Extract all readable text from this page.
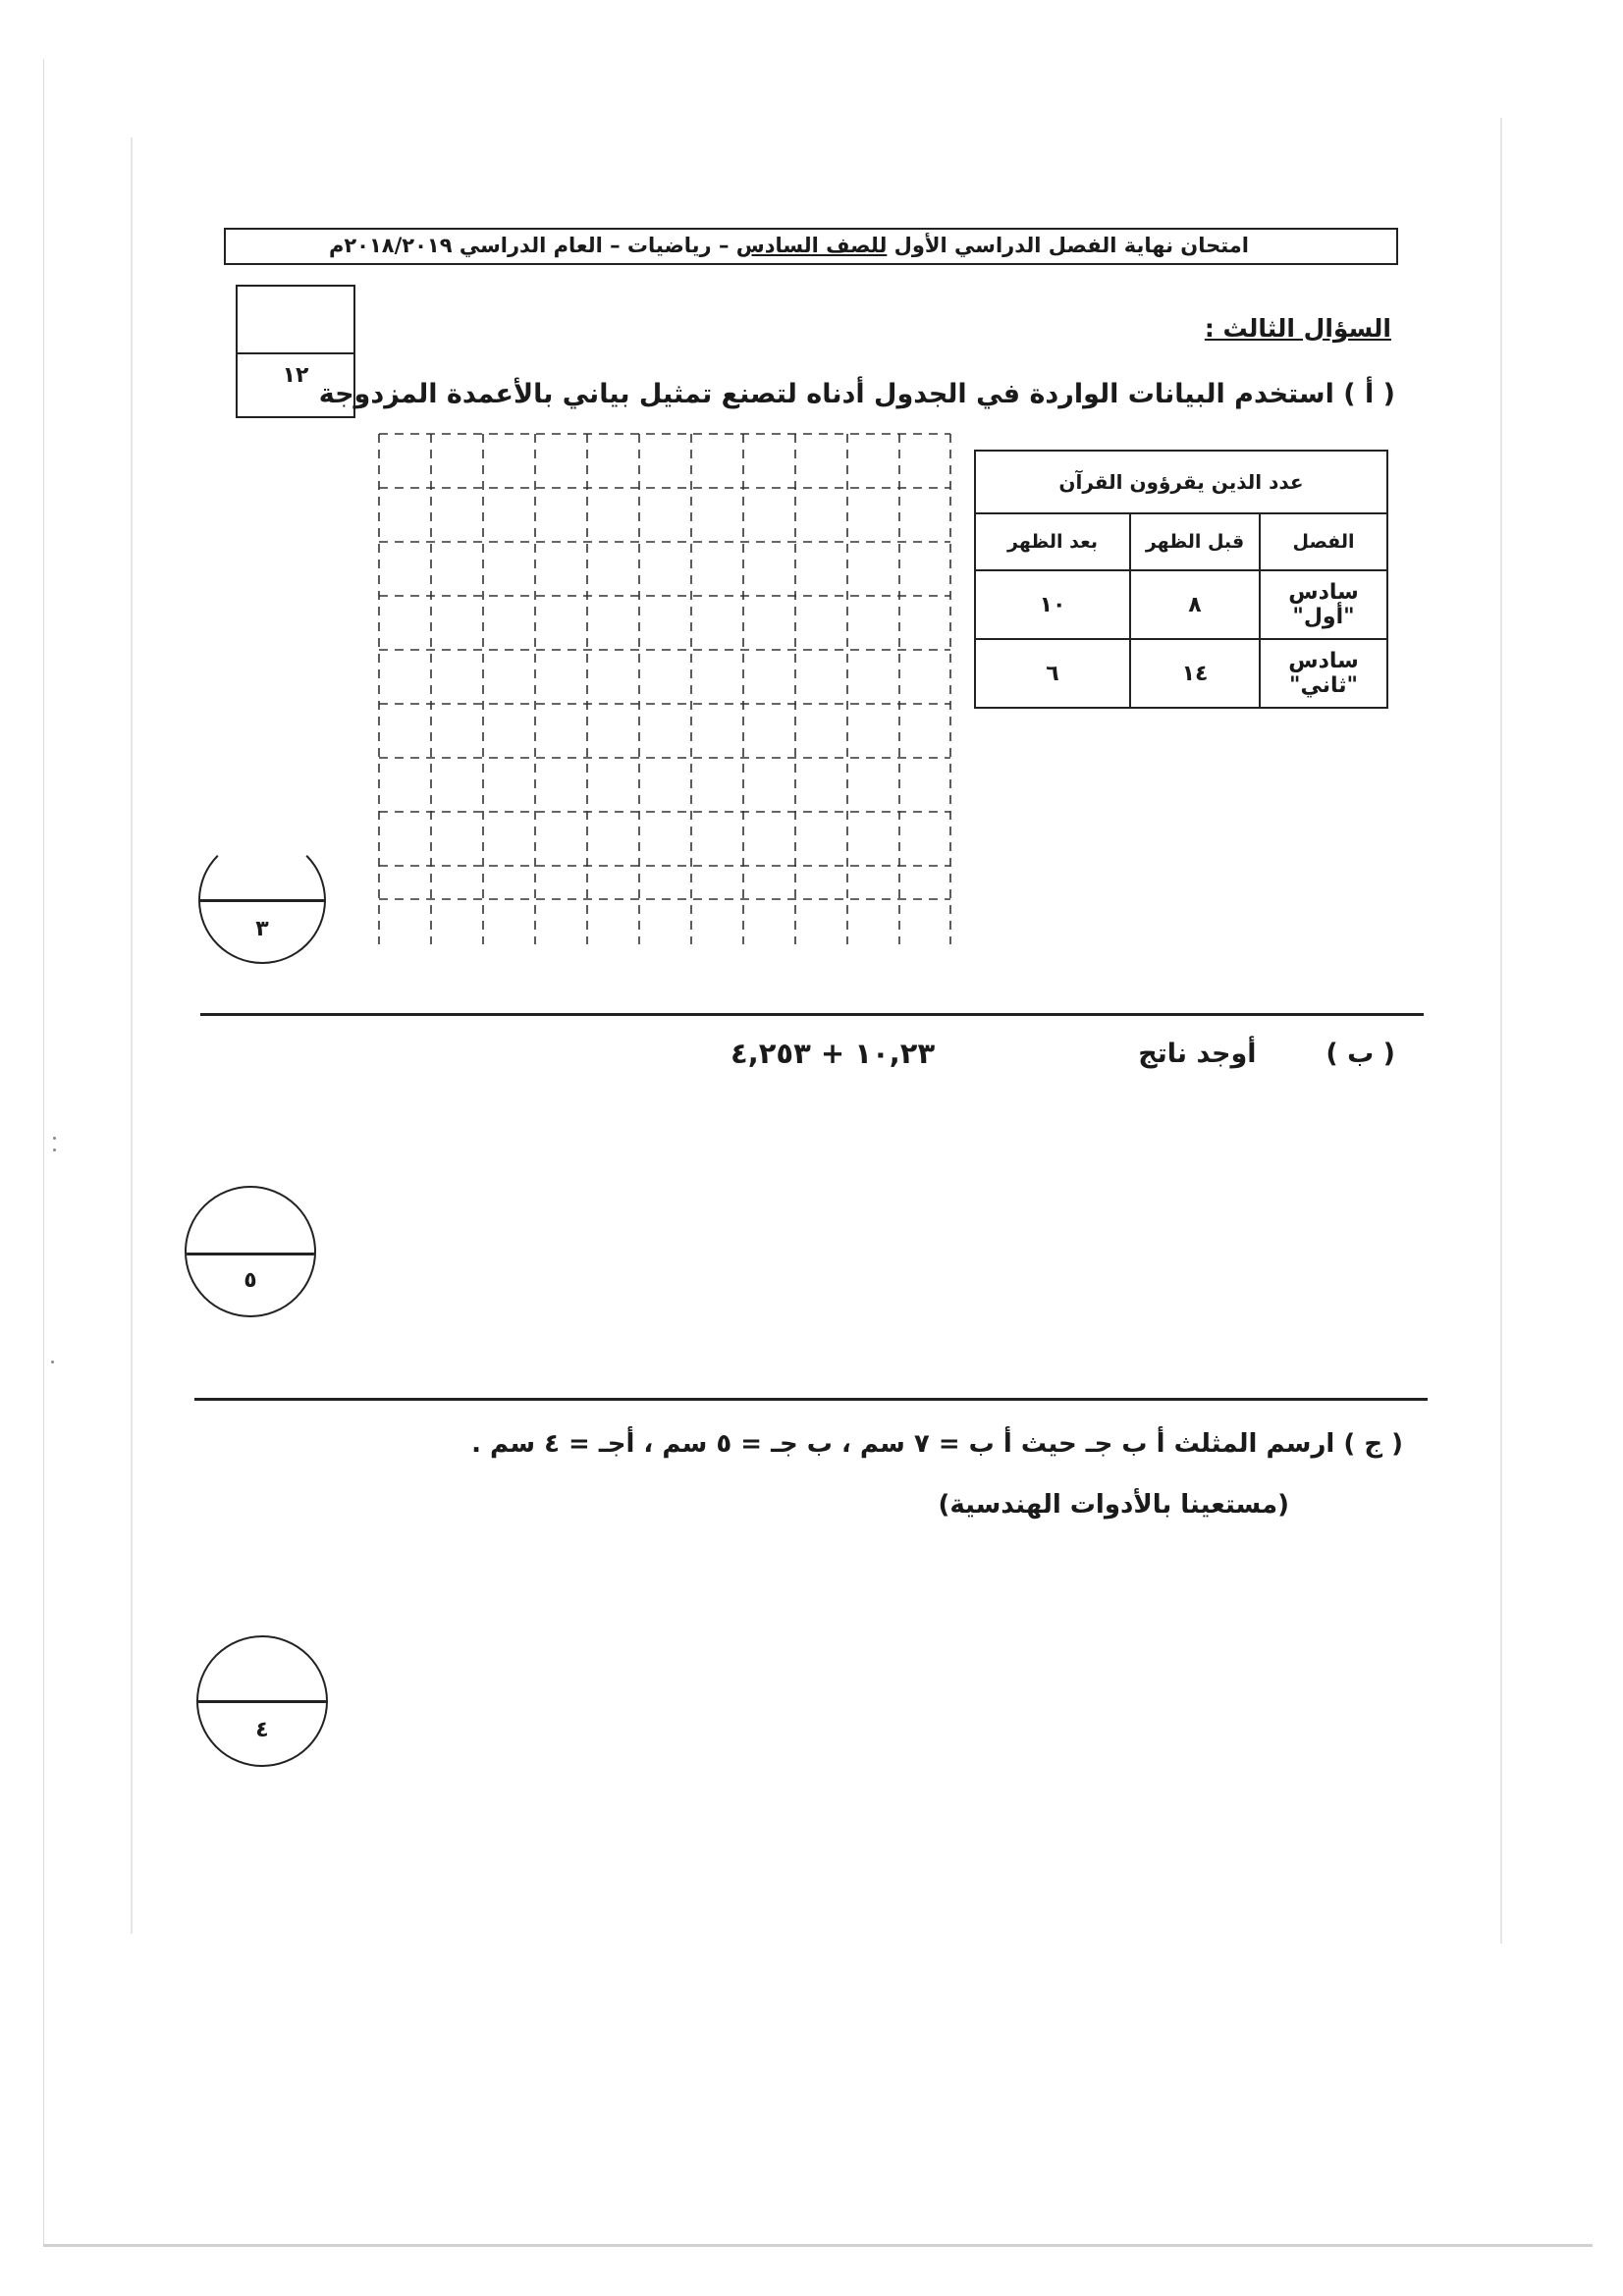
امتحان نهاية الفصل الدراسي الأول للصف السادس – رياضيات – العام الدراسي ٢٠١٨/٢٠١٩م
١٢
السؤال الثالث :
( أ ) استخدم البيانات الواردة في الجدول أدناه لتصنع تمثيل بياني بالأعمدة المزدوجة
عدد الذين يقرؤون القرآن		
الفصل	قبل الظهر	بعد الظهر
سادس "أول"	٨	١٠
سادس "ثاني"	١٤	٦
٣
( ب )  أوجد ناتج
١٠,٢٣ + ٤,٢٥٣
٥
( ج ) ارسم المثلث أ ب جـ حيث أ ب = ٧ سم ، ب جـ = ٥ سم ، أجـ = ٤ سم .
(مستعينا بالأدوات الهندسية)
٤
